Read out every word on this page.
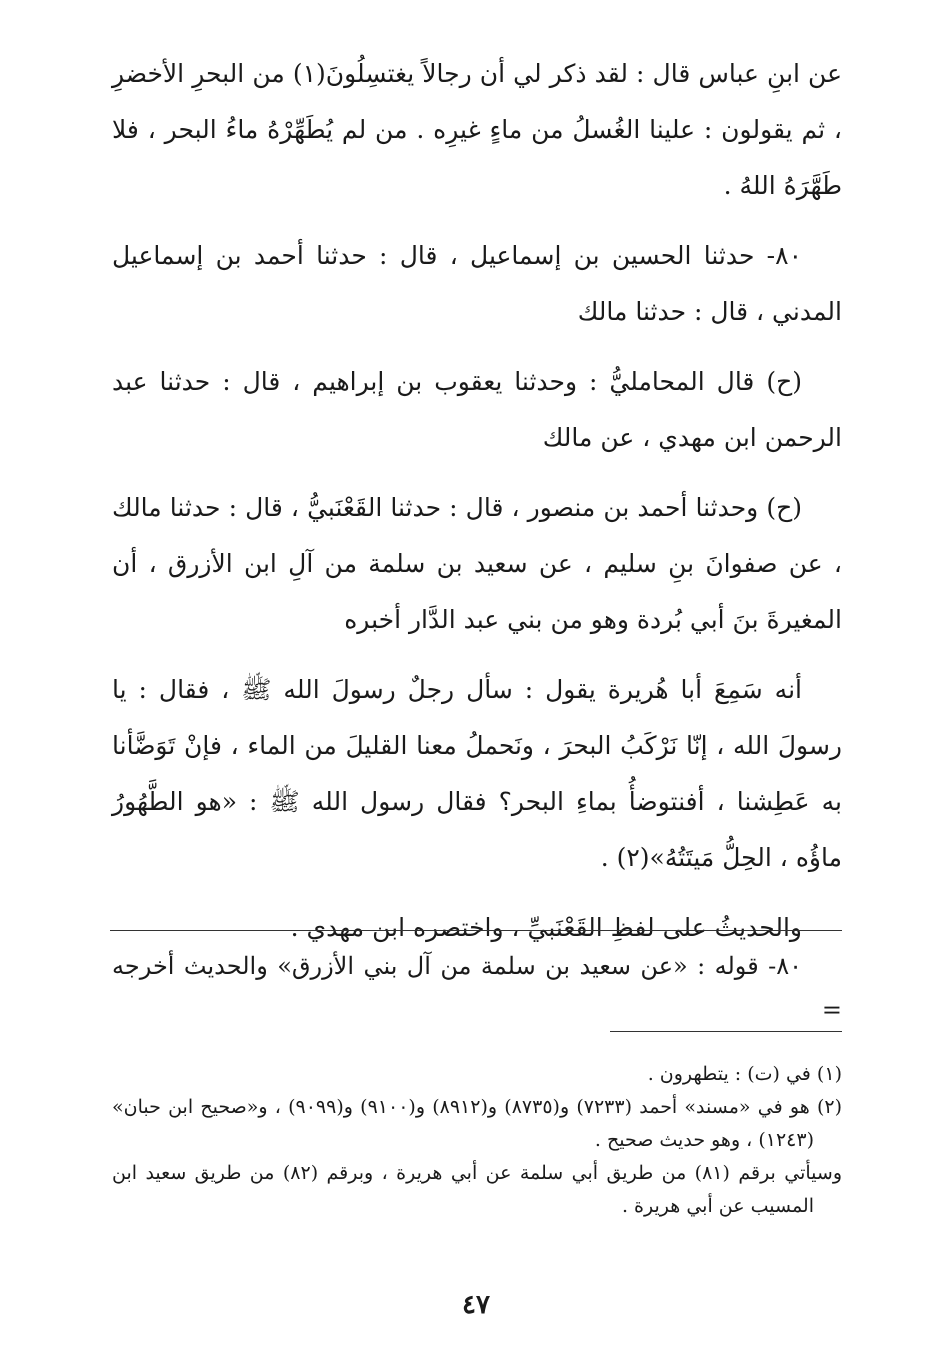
عن ابنِ عباس قال : لقد ذكر لي أن رجالاً يغتسِلُونَ(١) من البحرِ الأخضرِ ، ثم يقولون : علينا الغُسلُ من ماءٍ غيرِه . من لم يُطَهِّرْهُ ماءُ البحر ، فلا طَهَّرَهُ اللهُ .

٨٠- حدثنا الحسين بن إسماعيل ، قال : حدثنا أحمد بن إسماعيل المدني ، قال : حدثنا مالك

(ح) قال المحامليُّ : وحدثنا يعقوب بن إبراهيم ، قال : حدثنا عبد الرحمن ابن مهدي ، عن مالك

(ح) وحدثنا أحمد بن منصور ، قال : حدثنا القَعْنَبيُّ ، قال : حدثنا مالك ، عن صفوانَ بنِ سليم ، عن سعيد بن سلمة من آلِ ابن الأزرق ، أن المغيرةَ بنَ أبي بُردة وهو من بني عبد الدَّار أخبره

أنه سَمِعَ أبا هُريرة يقول : سأل رجلٌ رسولَ الله ﷺ ، فقال : يا رسولَ الله ، إنّا نَرْكَبُ البحرَ ، ونَحملُ معنا القليلَ من الماء ، فإنْ تَوَضَّأنا به عَطِشنا ، أفنتوضأُ بماءِ البحر؟ فقال رسول الله ﷺ : «هو الطَّهُورُ ماؤُه ، الحِلُّ مَيتَتُهُ»(٢) .

والحديثُ على لفظِ القَعْنَبيِّ ، واختصره ابن مهدي .

٨٠- قوله : «عن سعيد بن سلمة من آل بني الأزرق» والحديث أخرجه =

(١) في (ت) : يتطهرون .

(٢) هو في «مسند» أحمد (٧٢٣٣) و(٨٧٣٥) و(٨٩١٢) و(٩١٠٠) و(٩٠٩٩) ، و«صحيح ابن حبان» (١٢٤٣) ، وهو حديث صحيح .

وسيأتي برقم (٨١) من طريق أبي سلمة عن أبي هريرة ، وبرقم (٨٢) من طريق سعيد ابن المسيب عن أبي هريرة .

٤٧
